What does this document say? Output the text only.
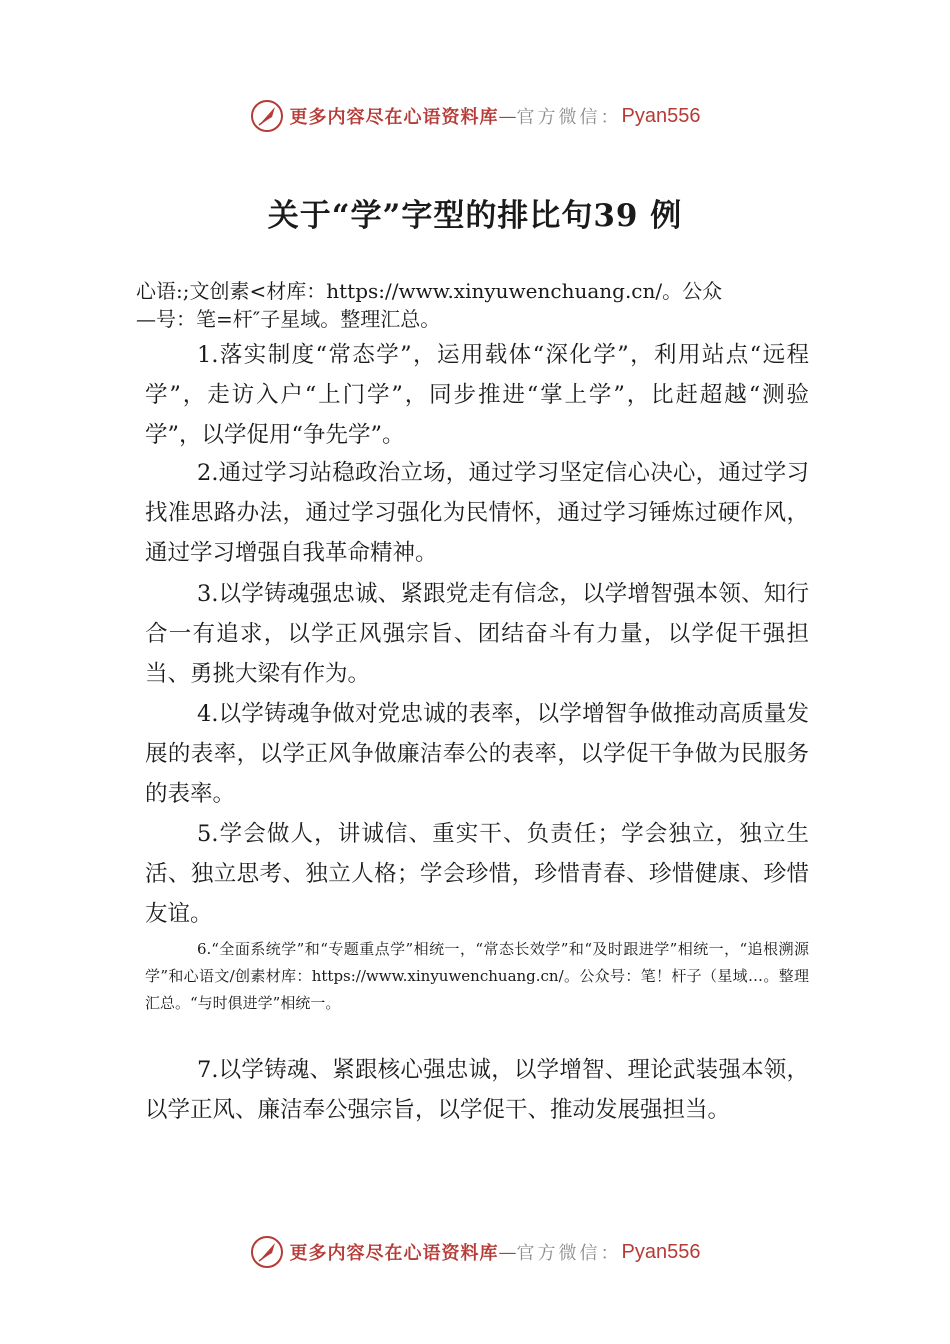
更多内容尽在心语资料库 — 官方微信： Pyan556
关于“学”字型的排比句39 例
心语:;文创素<材库：https://www.xinyuwenchuang.cn/。公众
—号：笔=杆″子星域。整理汇总。
1.落实制度“常态学”，运用载体“深化学”，利用站点“远程学”，走访入户“上门学”，同步推进“掌上学”，比赶超越“测验学”，以学促用“争先学”。
2.通过学习站稳政治立场，通过学习坚定信心决心，通过学习找准思路办法，通过学习强化为民情怀，通过学习锤炼过硬作风，通过学习增强自我革命精神。
3.以学铸魂强忠诚、紧跟党走有信念，以学增智强本领、知行合一有追求，以学正风强宗旨、团结奋斗有力量，以学促干强担当、勇挑大梁有作为。
4.以学铸魂争做对党忠诚的表率，以学增智争做推动高质量发展的表率，以学正风争做廉洁奉公的表率，以学促干争做为民服务的表率。
5.学会做人，讲诚信、重实干、负责任；学会独立，独立生活、独立思考、独立人格；学会珍惜，珍惜青春、珍惜健康、珍惜友谊。
6.“全面系统学”和“专题重点学”相统一，“常态长效学”和“及时跟进学”相统一，“追根溯源学”和心语文/创素材库：https://www.xinyuwenchuang.cn/。公众号：笔！杆子（星域…。整理汇总。“与时俱进学”相统一。
7.以学铸魂、紧跟核心强忠诚，以学增智、理论武装强本领，以学正风、廉洁奉公强宗旨，以学促干、推动发展强担当。
更多内容尽在心语资料库 — 官方微信： Pyan556
